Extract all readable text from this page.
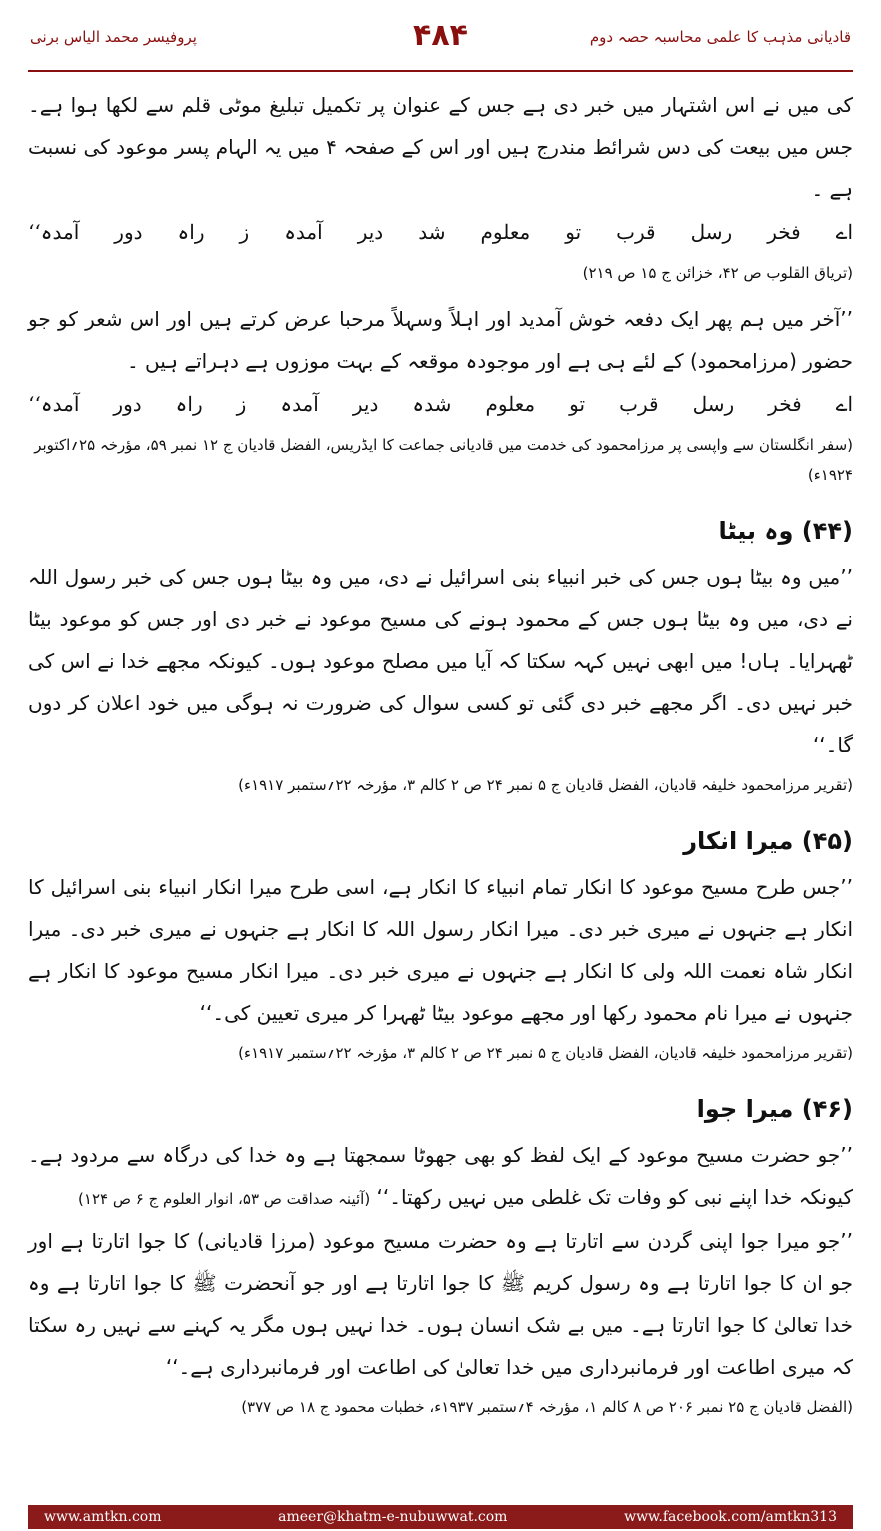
قادیانی مذہب کا علمی محاسبہ حصہ دوم
۴۸۴
پروفیسر محمد الیاس برنی

کی میں نے اس اشتہار میں خبر دی ہے جس کے عنوان پر تکمیل تبلیغ موٹی قلم سے لکھا ہوا ہے۔ جس میں بیعت کی دس شرائط مندرج ہیں اور اس کے صفحہ ۴ میں یہ الہام پسر موعود کی نسبت ہے ۔

اے
فخر
رسل
قرب
تو
معلوم
شد
دیر
آمدہ
ز
راہ
دور
آمدہ‘‘
(تریاق القلوب ص ۴۲، خزائن ج ۱۵ ص ۲۱۹)

’’آخر میں ہم پھر ایک دفعہ خوش آمدید اور اہلاً وسہلاً مرحبا عرض کرتے ہیں اور اس شعر کو جو حضور (مرزامحمود) کے لئے ہی ہے اور موجودہ موقعہ کے بہت موزوں ہے دہراتے ہیں ۔

اے
فخر
رسل
قرب
تو
معلوم
شدہ
دیر
آمدہ
ز
راہ
دور
آمدہ‘‘
(سفر انگلستان سے واپسی پر مرزامحمود کی خدمت میں قادیانی جماعت کا ایڈریس، الفضل قادیان ج ۱۲ نمبر ۵۹، مؤرخہ ۲۵؍اکتوبر ۱۹۲۴ء)
(۴۴) وہ بیٹا

’’میں وہ بیٹا ہوں جس کی خبر انبیاء بنی اسرائیل نے دی، میں وہ بیٹا ہوں جس کی خبر رسول اللہ نے دی، میں وہ بیٹا ہوں جس کے محمود ہونے کی مسیح موعود نے خبر دی اور جس کو موعود بیٹا ٹھہرایا۔ ہاں! میں ابھی نہیں کہہ سکتا کہ آیا میں مصلح موعود ہوں۔ کیونکہ مجھے خدا نے اس کی خبر نہیں دی۔ اگر مجھے خبر دی گئی تو کسی سوال کی ضرورت نہ ہوگی میں خود اعلان کر دوں گا۔‘‘

(تقریر مرزامحمود خلیفہ قادیان، الفضل قادیان ج ۵ نمبر ۲۴ ص ۲ کالم ۳، مؤرخہ ۲۲؍ستمبر ۱۹۱۷ء)
(۴۵) میرا انکار

’’جس طرح مسیح موعود کا انکار تمام انبیاء کا انکار ہے، اسی طرح میرا انکار انبیاء بنی اسرائیل کا انکار ہے جنہوں نے میری خبر دی۔ میرا انکار رسول اللہ کا انکار ہے جنہوں نے میری خبر دی۔ میرا انکار شاہ نعمت اللہ ولی کا انکار ہے جنہوں نے میری خبر دی۔ میرا انکار مسیح موعود کا انکار ہے جنہوں نے میرا نام محمود رکھا اور مجھے موعود بیٹا ٹھہرا کر میری تعیین کی۔‘‘

(تقریر مرزامحمود خلیفہ قادیان، الفضل قادیان ج ۵ نمبر ۲۴ ص ۲ کالم ۳، مؤرخہ ۲۲؍ستمبر ۱۹۱۷ء)
(۴۶) میرا جوا

’’جو حضرت مسیح موعود کے ایک لفظ کو بھی جھوٹا سمجھتا ہے وہ خدا کی درگاہ سے مردود ہے۔ کیونکہ خدا اپنے نبی کو وفات تک غلطی میں نہیں رکھتا۔‘‘ (آئینہ صداقت ص ۵۳، انوار العلوم ج ۶ ص ۱۲۴)

’’جو میرا جوا اپنی گردن سے اتارتا ہے وہ حضرت مسیح موعود (مرزا قادیانی) کا جوا اتارتا ہے اور جو ان کا جوا اتارتا ہے وہ رسول کریم ﷺ کا جوا اتارتا ہے اور جو آنحضرت ﷺ کا جوا اتارتا ہے وہ خدا تعالیٰ کا جوا اتارتا ہے۔ میں بے شک انسان ہوں۔ خدا نہیں ہوں مگر یہ کہنے سے نہیں رہ سکتا کہ میری اطاعت اور فرمانبرداری میں خدا تعالیٰ کی اطاعت اور فرمانبرداری ہے۔‘‘

(الفضل قادیان ج ۲۵ نمبر ۲۰۶ ص ۸ کالم ۱، مؤرخہ ۴؍ستمبر ۱۹۳۷ء، خطبات محمود ج ۱۸ ص ۳۷۷)
www.amtkn.com	ameer@khatm-e-nubuwwat.com	www.facebook.com/amtkn313
